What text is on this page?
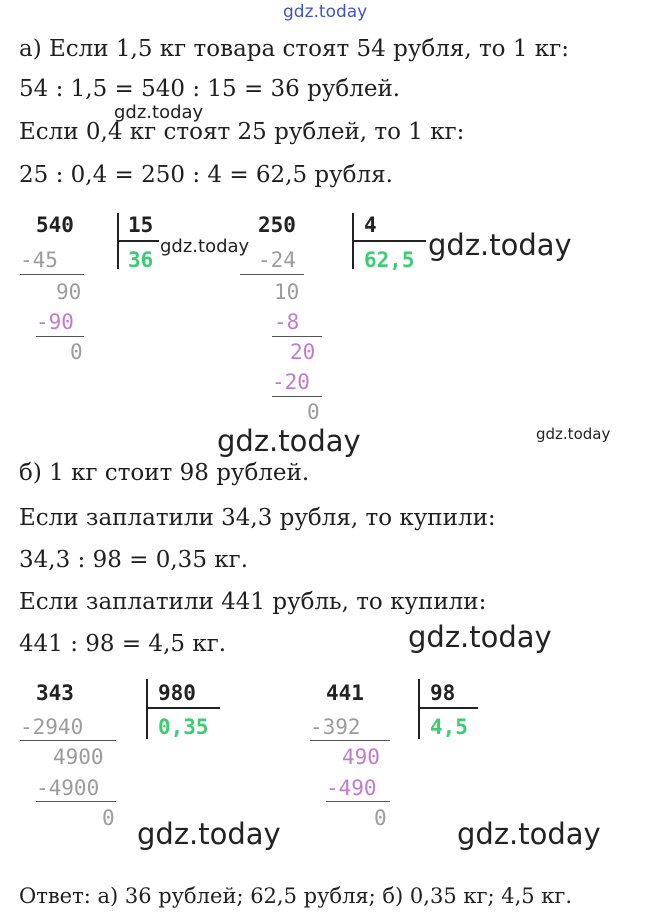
gdz.today
gdz.today
gdz.today	gdz.today
gdz.today	gdz.today
gdz.today
gdz.today	gdz.today
а) Если 1,5 кг товара стоят 54 рубля, то 1 кг:
54 : 1,5 = 540 : 15 = 36 рублей.
Если 0,4 кг стоят 25 рублей, то 1 кг:
25 : 0,4 = 250 : 4 = 62,5 рубля.
540	15
36
-45
90
-90
0
250	4
62,5
-24
10
-8
20
-20
0
б) 1 кг стоит 98 рублей.
Если заплатили 34,3 рубля, то купили:
34,3 : 98 = 0,35 кг.
Если заплатили 441 рубль, то купили:
441 : 98 = 4,5 кг.
343	980
0,35
-2940
4900
-4900
0
441	98
4,5
-392
490
-490
0
Ответ: а) 36 рублей; 62,5 рубля; б) 0,35 кг; 4,5 кг.
